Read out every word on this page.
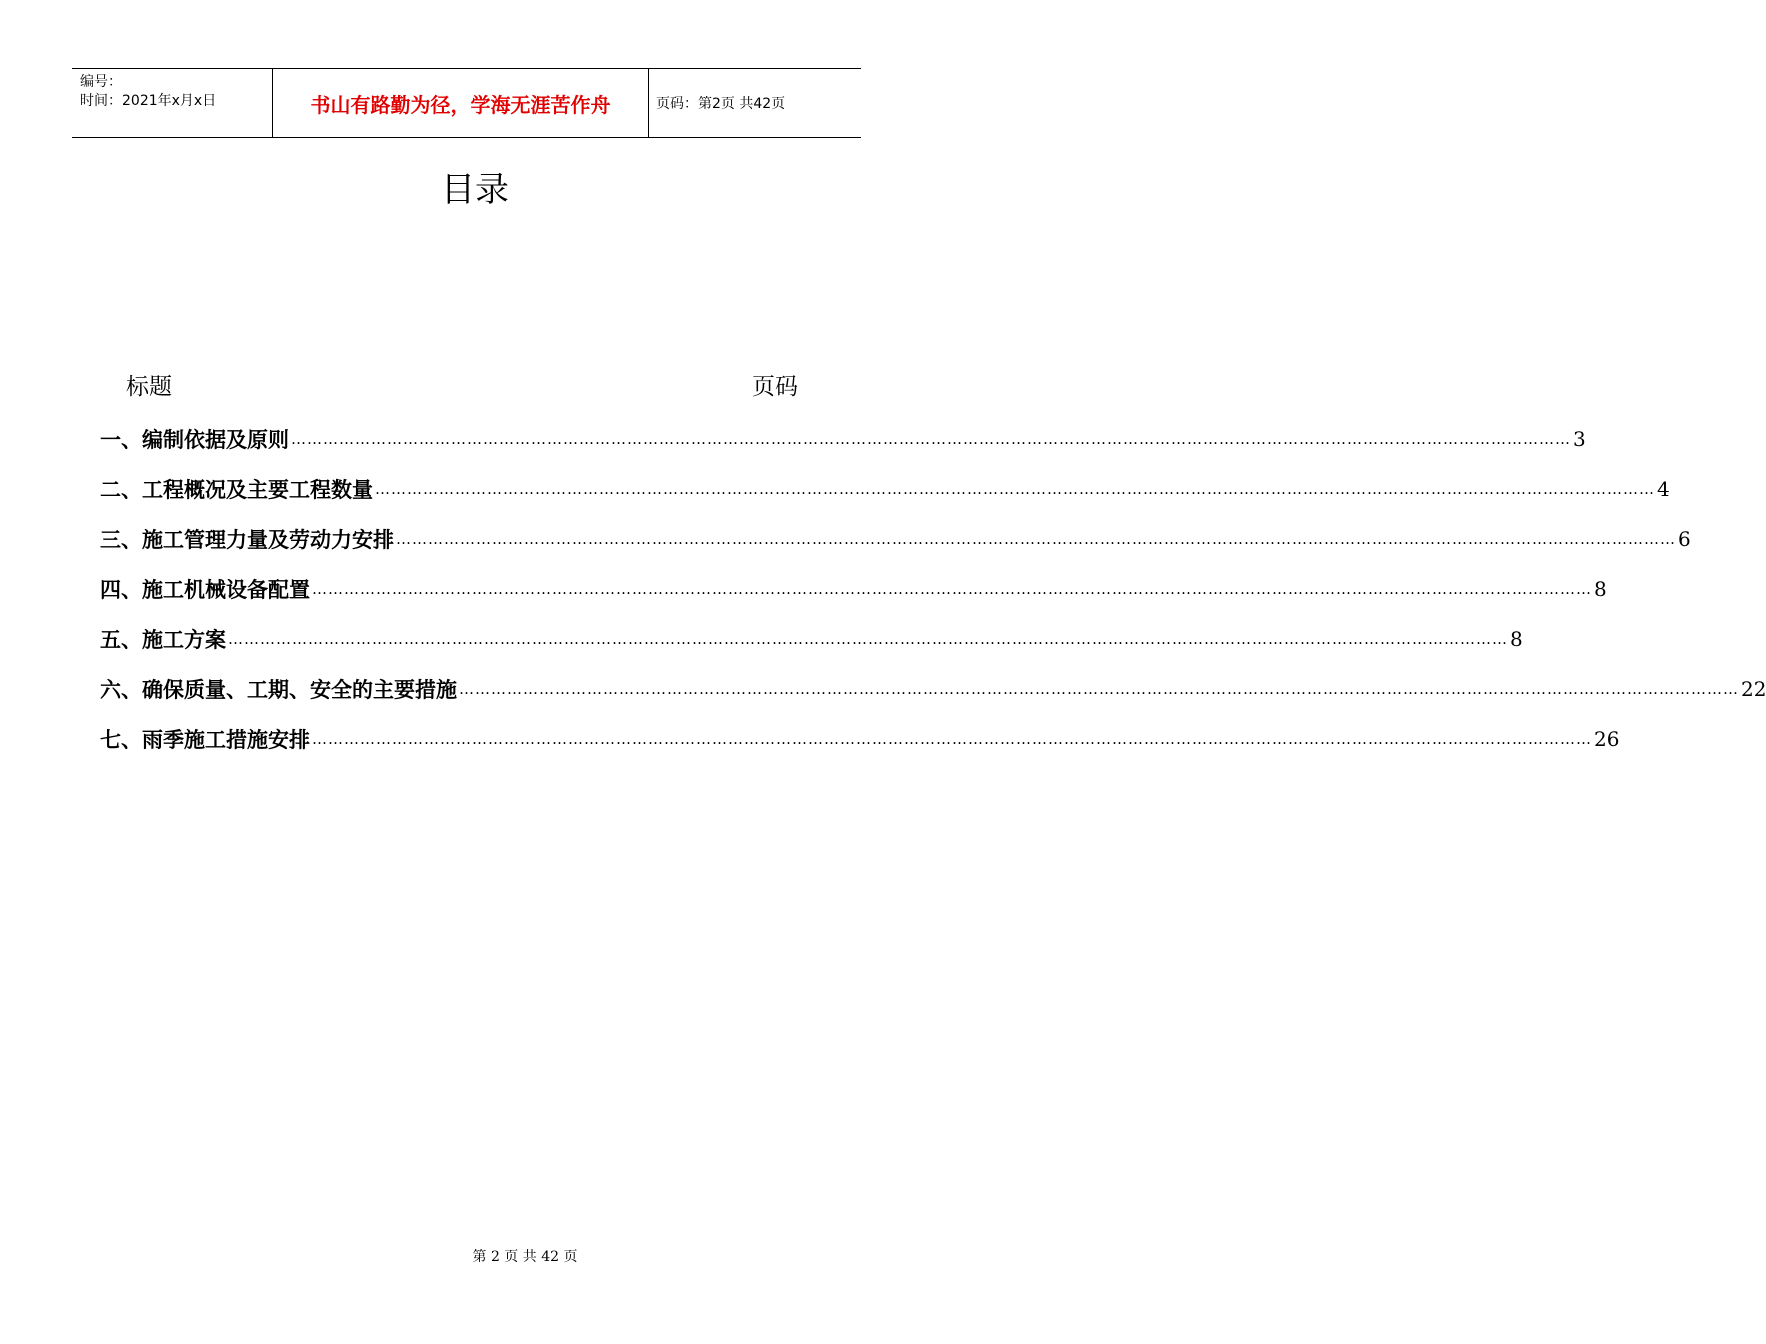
编号：
时间：2021年x月x日	书山有路勤为径，学海无涯苦作舟	页码：第2页 共42页
目录
标题	页码
一、 编制依据及原则 …………………………………………………………………………………………………………………………………………………………………………………………………………………… 3
二、 工程概况及主要工程数量 …………………………………………………………………………………………………………………………………………………………………………………………………………………… 4
三、 施工管理力量及劳动力安排 …………………………………………………………………………………………………………………………………………………………………………………………………………………… 6
四、 施工机械设备配置 …………………………………………………………………………………………………………………………………………………………………………………………………………………… 8
五、 施工方案 …………………………………………………………………………………………………………………………………………………………………………………………………………………… 8
六、 确保质量、工期、安全的主要措施 …………………………………………………………………………………………………………………………………………………………………………………………………………………… 22
七、 雨季施工措施安排 …………………………………………………………………………………………………………………………………………………………………………………………………………………… 26
第 2 页 共 42 页
